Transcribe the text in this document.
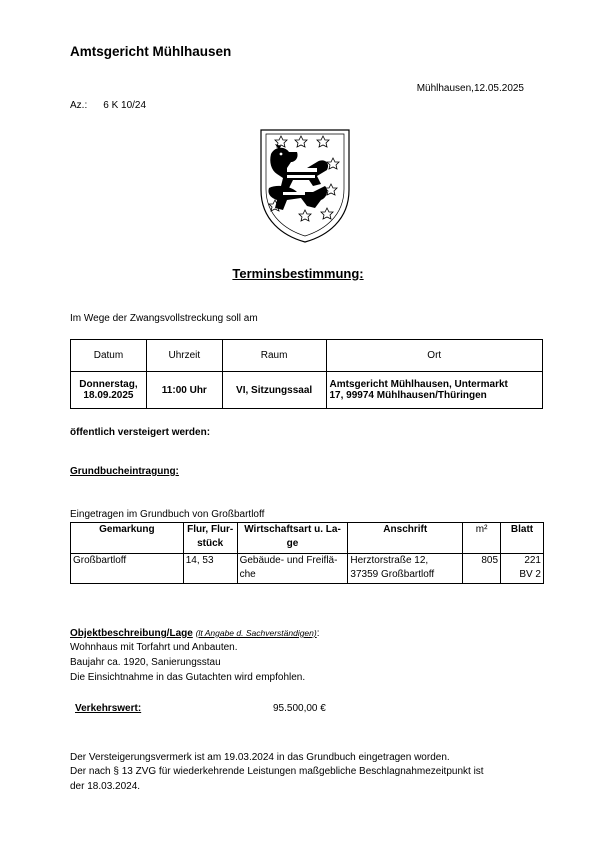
Amtsgericht Mühlhausen
Mühlhausen,12.05.2025
Az.: 6 K 10/24
Terminsbestimmung:
Im Wege der Zwangsvollstreckung soll am
Datum	Uhrzeit	Raum	Ort
Donnerstag,
18.09.2025	11:00 Uhr	VI, Sitzungssaal	Amtsgericht Mühlhausen, Untermarkt
17, 99974 Mühlhausen/Thüringen
öffentlich versteigert werden:
Grundbucheintragung:
Eingetragen im Grundbuch von Großbartloff
Gemarkung	Flur, Flur-
stück	Wirtschaftsart u. La-
ge	Anschrift	m²	Blatt
Großbartloff	14, 53	Gebäude- und Freiflä-
che	Herztorstraße 12,
37359 Großbartloff	805	221
BV 2
Objektbeschreibung/Lage (lt Angabe d. Sachverständigen):
Wohnhaus mit Torfahrt und Anbauten.
Baujahr ca. 1920, Sanierungsstau
Die Einsichtnahme in das Gutachten wird empfohlen.
Verkehrswert:	95.500,00 €
Der Versteigerungsvermerk ist am 19.03.2024 in das Grundbuch eingetragen worden.
Der nach § 13 ZVG für wiederkehrende Leistungen maßgebliche Beschlagnahmezeitpunkt ist
der 18.03.2024.
